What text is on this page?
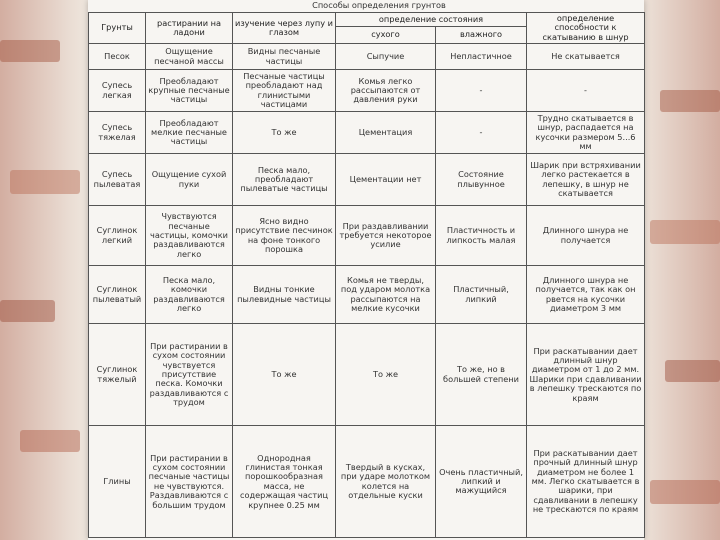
Способы определения грунтов
Грунты	растирании на ладони	изучение через лупу и глазом	определение состояния		определение способности к скатыванию в шнур
			сухого	влажного	
Песок	Ощущение песчаной массы	Видны песчаные частицы	Сыпучие	Непластичное	Не скатывается
Супесь легкая	Преобладают крупные песчаные частицы	Песчаные частицы преобладают над глинистыми частицами	Комья легко рассыпаются от давления руки	-	-
Супесь тяжелая	Преобладают мелкие песчаные частицы	То же	Цементация	-	Трудно скатывается в шнур, распадается на кусочки размером 5...6 мм
Супесь пылеватая	Ощущение сухой пуки	Песка мало, преобладают пылеватые частицы	Цементации нет	Состояние плывунное	Шарик при встряхивании легко растекается в лепешку, в шнур не скатывается
Суглинок легкий	Чувствуются песчаные частицы, комочки раздавливаются легко	Ясно видно присутствие песчинок на фоне тонкого порошка	При раздавливании требуется некоторое усилие	Пластичность и липкость малая	Длинного шнура не получается
Суглинок пылеватый	Песка мало, комочки раздавливаются легко	Видны тонкие пылевидные частицы	Комья не тверды, под ударом молотка рассыпаются на мелкие кусочки	Пластичный, липкий	Длинного шнура не получается, так как он рвется на кусочки диаметром 3 мм
Суглинок тяжелый	При растирании в сухом состоянии чувствуется присутствие песка. Комочки раздавливаются с трудом	То же	То же	То же, но в большей степени	При раскатывании дает длинный шнур диаметром от 1 до 2 мм. Шарики при сдавливании в лепешку трескаются по краям
Глины	При растирании в сухом состоянии песчаные частицы не чувствуются. Раздавливаются с большим трудом	Однородная глинистая тонкая порошкообразная масса, не содержащая частиц крупнее 0.25 мм	Твердый в кусках, при ударе молотком колется на отдельные куски	Очень пластичный, липкий и мажущийся	При раскатывании дает прочный длинный шнур диаметром не более 1 мм. Легко скатывается в шарики, при сдавливании в лепешку не трескаются по краям
